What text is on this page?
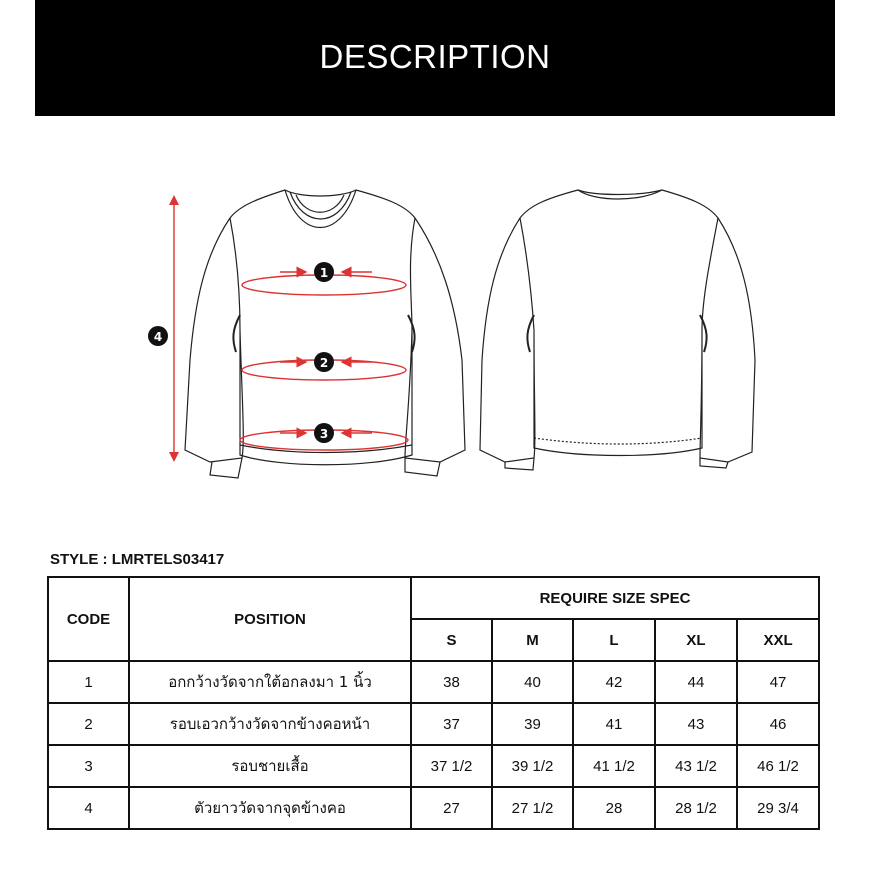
DESCRIPTION
1
2
3
4
STYLE : LMRTELS03417
CODE	POSITION	REQUIRE SIZE SPEC				
		S	M	L	XL	XXL
1	อกกว้างวัดจากใต้อกลงมา 1 นิ้ว	38	40	42	44	47
2	รอบเอวกว้างวัดจากข้างคอหน้า	37	39	41	43	46
3	รอบชายเสื้อ	37 1/2	39 1/2	41 1/2	43 1/2	46 1/2
4	ตัวยาววัดจากจุดข้างคอ	27	27 1/2	28	28 1/2	29 3/4
